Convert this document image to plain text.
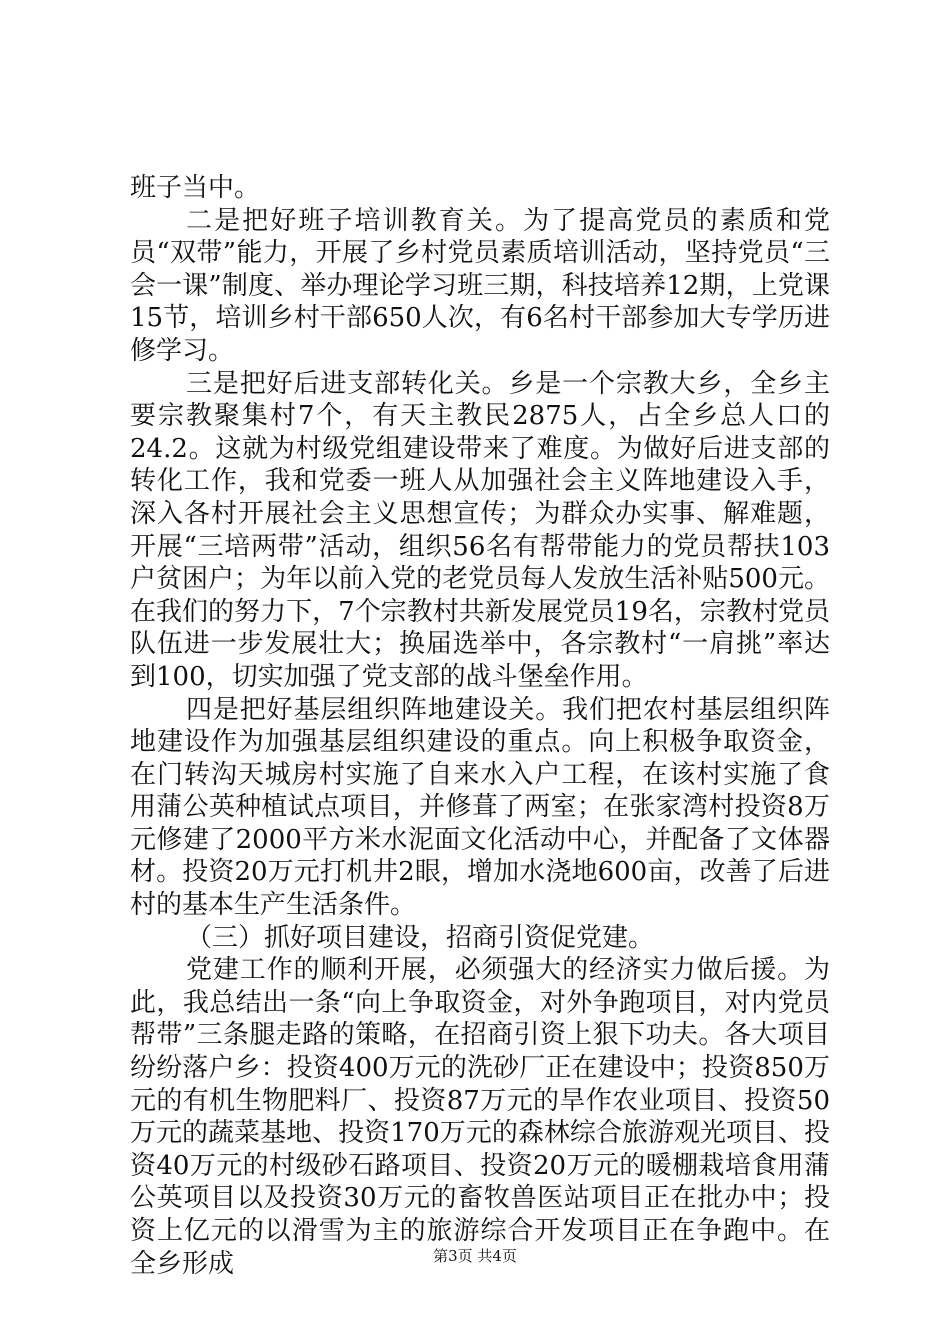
班子当中。

二是把好班子培训教育关。为了提高党员的素质和党员“双带”能力，开展了乡村党员素质培训活动，坚持党员“三会一课”制度、举办理论学习班三期，科技培养12期，上党课15节，培训乡村干部650人次，有6名村干部参加大专学历进修学习。

三是把好后进支部转化关。乡是一个宗教大乡，全乡主要宗教聚集村7个，有天主教民2875人，占全乡总人口的24.2。这就为村级党组建设带来了难度。为做好后进支部的转化工作，我和党委一班人从加强社会主义阵地建设入手，深入各村开展社会主义思想宣传；为群众办实事、解难题，开展“三培两带”活动，组织56名有帮带能力的党员帮扶103户贫困户；为年以前入党的老党员每人发放生活补贴500元。在我们的努力下，7个宗教村共新发展党员19名，宗教村党员队伍进一步发展壮大；换届选举中，各宗教村“一肩挑”率达到100，切实加强了党支部的战斗堡垒作用。

四是把好基层组织阵地建设关。我们把农村基层组织阵地建设作为加强基层组织建设的重点。向上积极争取资金，在门转沟天城房村实施了自来水入户工程，在该村实施了食用蒲公英种植试点项目，并修葺了两室；在张家湾村投资8万元修建了2000平方米水泥面文化活动中心，并配备了文体器材。投资20万元打机井2眼，增加水浇地600亩，改善了后进村的基本生产生活条件。

（三）抓好项目建设，招商引资促党建。

党建工作的顺利开展，必须强大的经济实力做后援。为此，我总结出一条“向上争取资金，对外争跑项目，对内党员帮带”三条腿走路的策略，在招商引资上狠下功夫。各大项目纷纷落户乡：投资400万元的洗砂厂正在建设中；投资850万元的有机生物肥料厂、投资87万元的旱作农业项目、投资50万元的蔬菜基地、投资170万元的森林综合旅游观光项目、投资40万元的村级砂石路项目、投资20万元的暖棚栽培食用蒲公英项目以及投资30万元的畜牧兽医站项目正在批办中；投资上亿元的以滑雪为主的旅游综合开发项目正在争跑中。在全乡形成	第3页 共4页
